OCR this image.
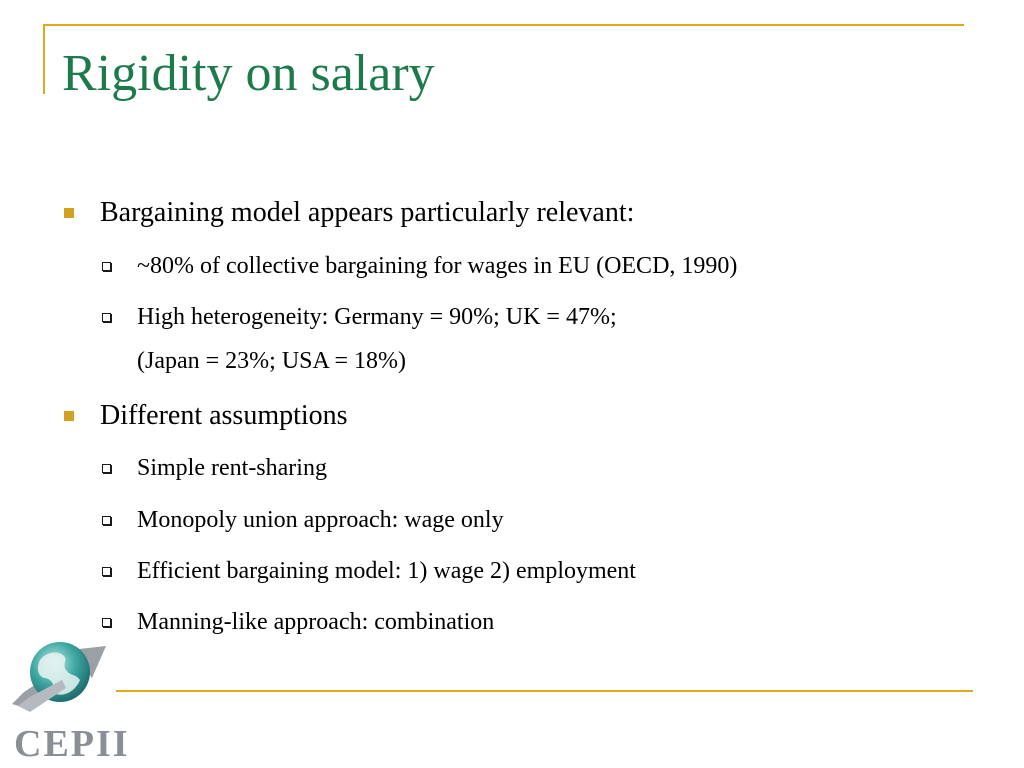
Rigidity on salary
Bargaining model appears particularly relevant:
~80% of collective bargaining for wages in EU (OECD, 1990)
High heterogeneity: Germany = 90%; UK = 47%;
(Japan = 23%; USA = 18%)
Different assumptions
Simple rent-sharing
Monopoly union approach: wage only
Efficient bargaining model: 1) wage 2) employment
Manning-like approach: combination
CEPII
